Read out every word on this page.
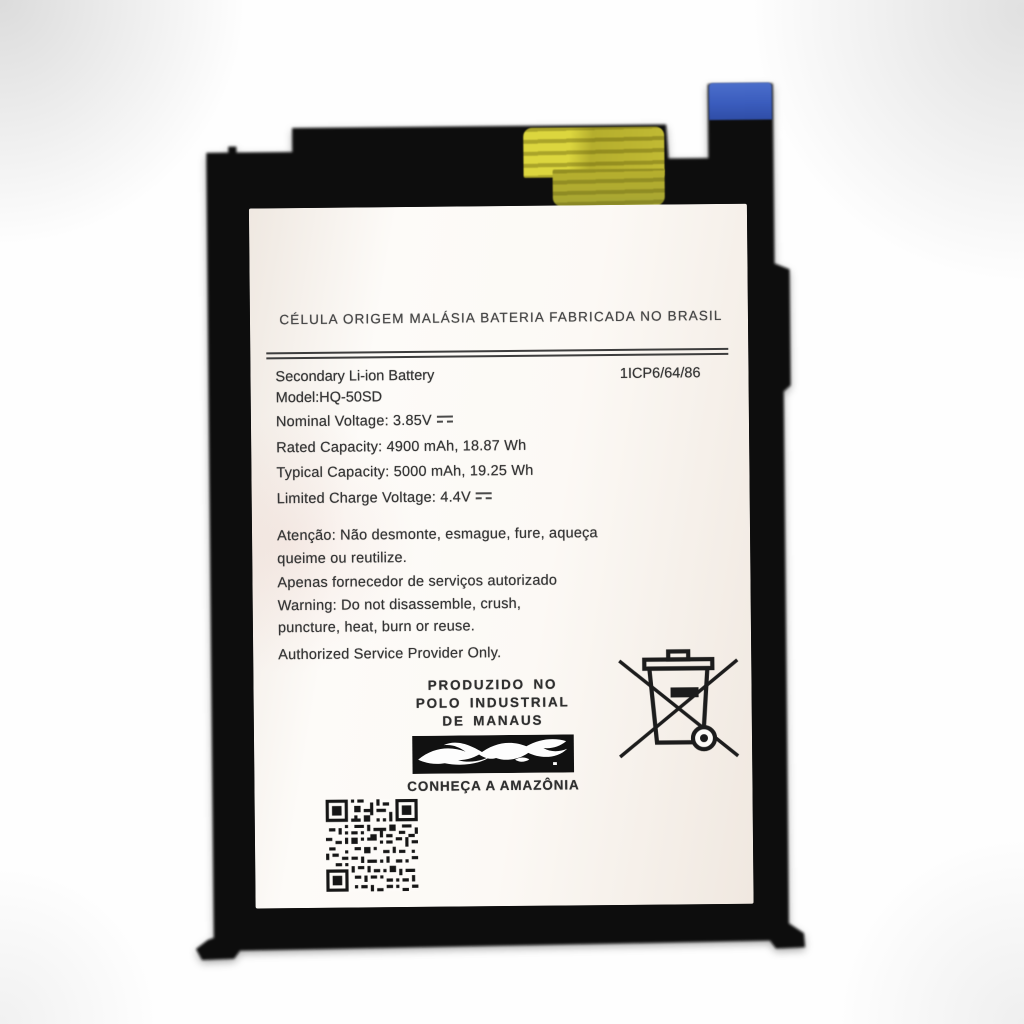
CÉLULA ORIGEM MALÁSIA BATERIA FABRICADA NO BRASIL
Secondary Li-ion Battery	1ICP6/64/86
Model:HQ-50SD
Nominal Voltage: 3.85V
Rated Capacity: 4900 mAh, 18.87 Wh
Typical Capacity: 5000 mAh, 19.25 Wh
Limited Charge Voltage: 4.4V
Atenção: Não desmonte, esmague, fure, aqueça
queime ou reutilize.
Apenas fornecedor de serviços autorizado
Warning: Do not disassemble, crush,
puncture, heat, burn or reuse.
Authorized Service Provider Only.
PRODUZIDO NO
POLO INDUSTRIAL
DE MANAUS
CONHEÇA A AMAZÔNIA
